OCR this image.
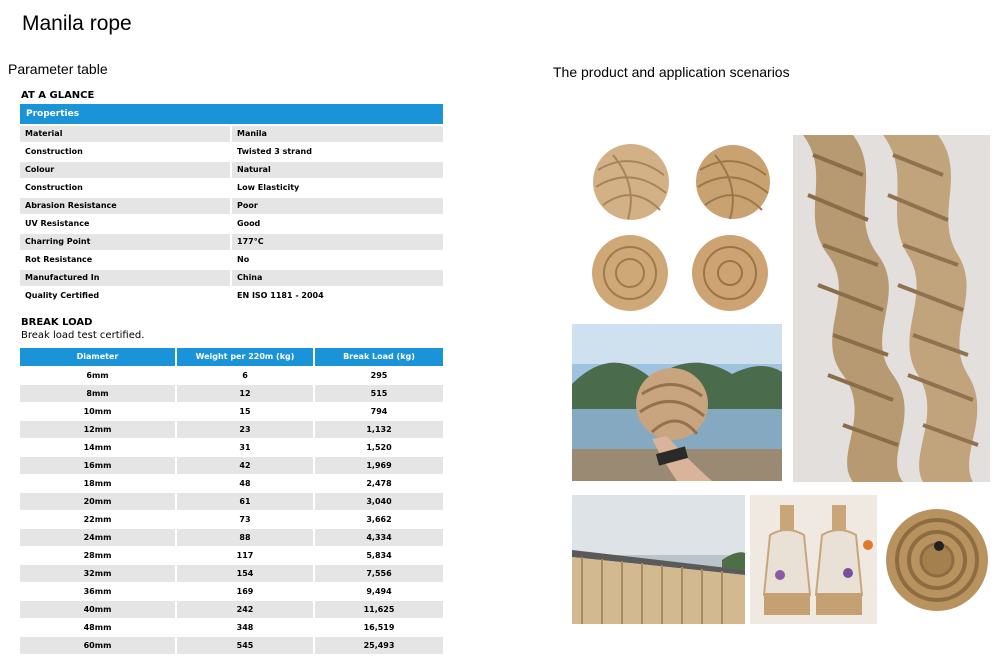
Manila rope
Parameter table	The product and application scenarios
AT A GLANCE
Properties
Material	Manila
Construction	Twisted 3 strand
Colour	Natural
Construction	Low Elasticity
Abrasion Resistance	Poor
UV Resistance	Good
Charring Point	177°C
Rot Resistance	No
Manufactured In	China
Quality Certified	EN ISO 1181 - 2004
BREAK LOAD
Break load test certified.
Diameter	Weight per 220m (kg)	Break Load (kg)
6mm	6	295
8mm	12	515
10mm	15	794
12mm	23	1,132
14mm	31	1,520
16mm	42	1,969
18mm	48	2,478
20mm	61	3,040
22mm	73	3,662
24mm	88	4,334
28mm	117	5,834
32mm	154	7,556
36mm	169	9,494
40mm	242	11,625
48mm	348	16,519
60mm	545	25,493
